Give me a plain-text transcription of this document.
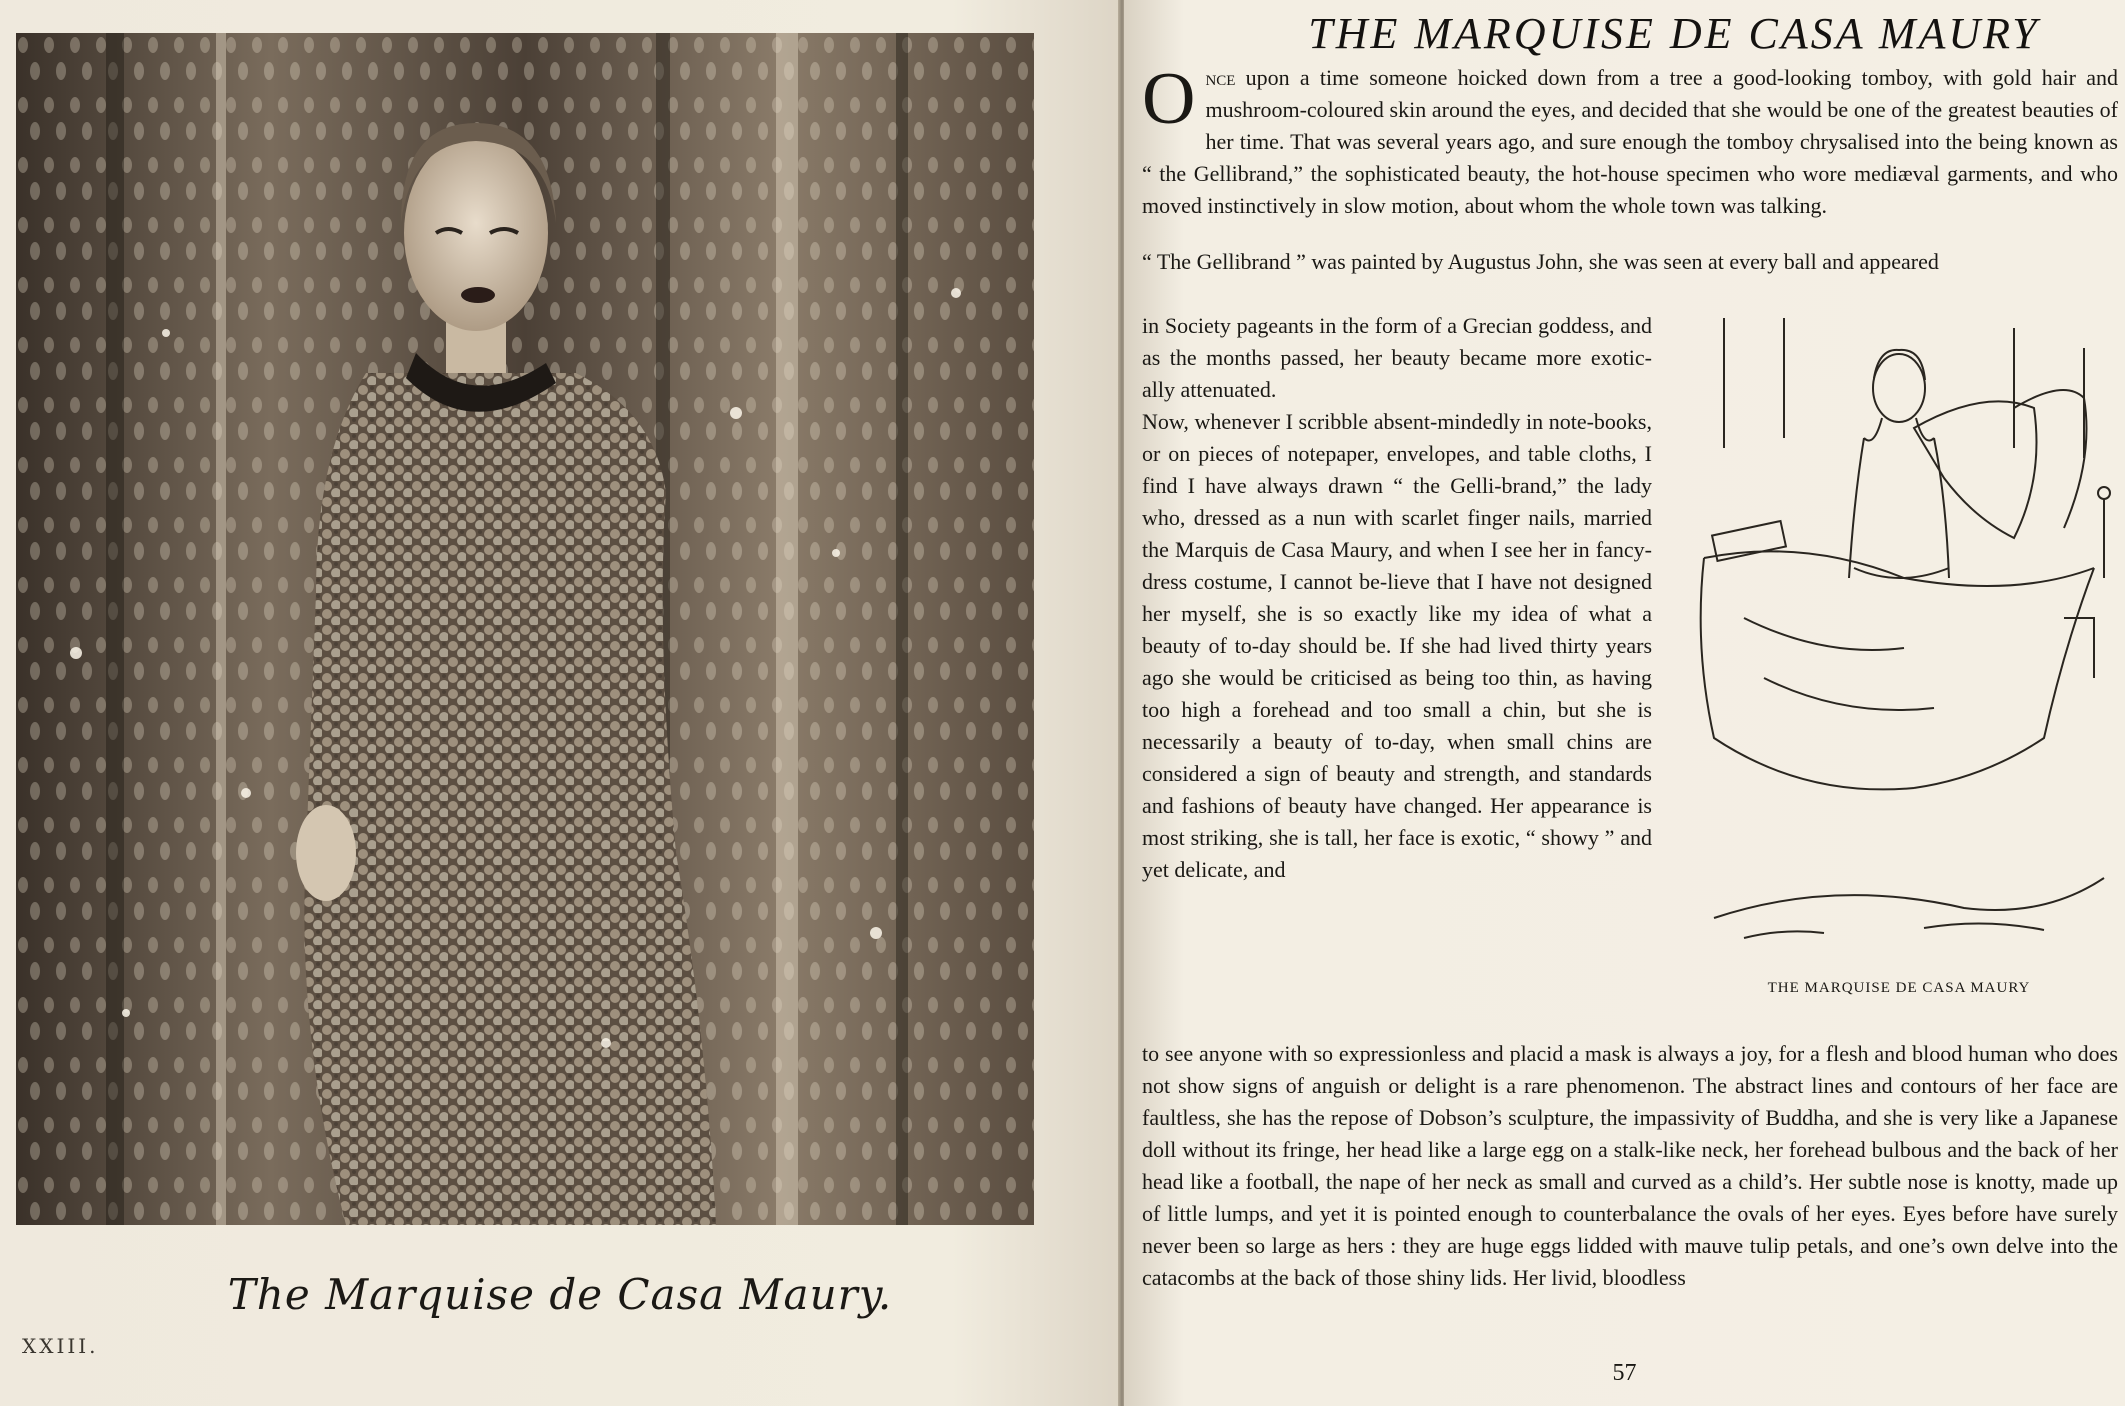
The Marquise de Casa Maury.
XXIII.
THE MARQUISE DE CASA MAURY

Once upon a time someone hoicked down from a tree a good-looking tomboy, with gold hair and mushroom-coloured skin around the eyes, and decided that she would be one of the greatest beauties of her time. That was several years ago, and sure enough the tomboy chrysalised into the being known as “ the Gellibrand,” the sophisticated beauty, the hot-house specimen who wore mediæval garments, and who moved instinctively in slow motion, about whom the whole town was talking.

“ The Gellibrand ” was painted by Augustus John, she was seen at every ball and appeared

in Society pageants in the form of a Grecian goddess, and as the months passed, her beauty became more exotic-ally attenuated.

Now, whenever I scribble absent-mindedly in note-books, or on pieces of notepaper, envelopes, and table cloths, I find I have always drawn “ the Gelli-brand,” the lady who, dressed as a nun with scarlet finger nails, married the Marquis de Casa Maury, and when I see her in fancy-dress costume, I cannot be-lieve that I have not designed her myself, she is so exactly like my idea of what a beauty of to-day should be. If she had lived thirty years ago she would be criticised as being too thin, as having too high a forehead and too small a chin, but she is necessarily a beauty of to-day, when small chins are considered a sign of beauty and strength, and standards and fashions of beauty have changed. Her appearance is most striking, she is tall, her face is exotic, “ showy ” and yet delicate, and

THE MARQUISE DE CASA MAURY

to see anyone with so expressionless and placid a mask is always a joy, for a flesh and blood human who does not show signs of anguish or delight is a rare phenomenon. The abstract lines and contours of her face are faultless, she has the repose of Dobson’s sculpture, the impassivity of Buddha, and she is very like a Japanese doll without its fringe, her head like a large egg on a stalk-like neck, her forehead bulbous and the back of her head like a football, the nape of her neck as small and curved as a child’s. Her subtle nose is knotty, made up of little lumps, and yet it is pointed enough to counterbalance the ovals of her eyes. Eyes before have surely never been so large as hers : they are huge eggs lidded with mauve tulip petals, and one’s own delve into the catacombs at the back of those shiny lids. Her livid, bloodless

57
